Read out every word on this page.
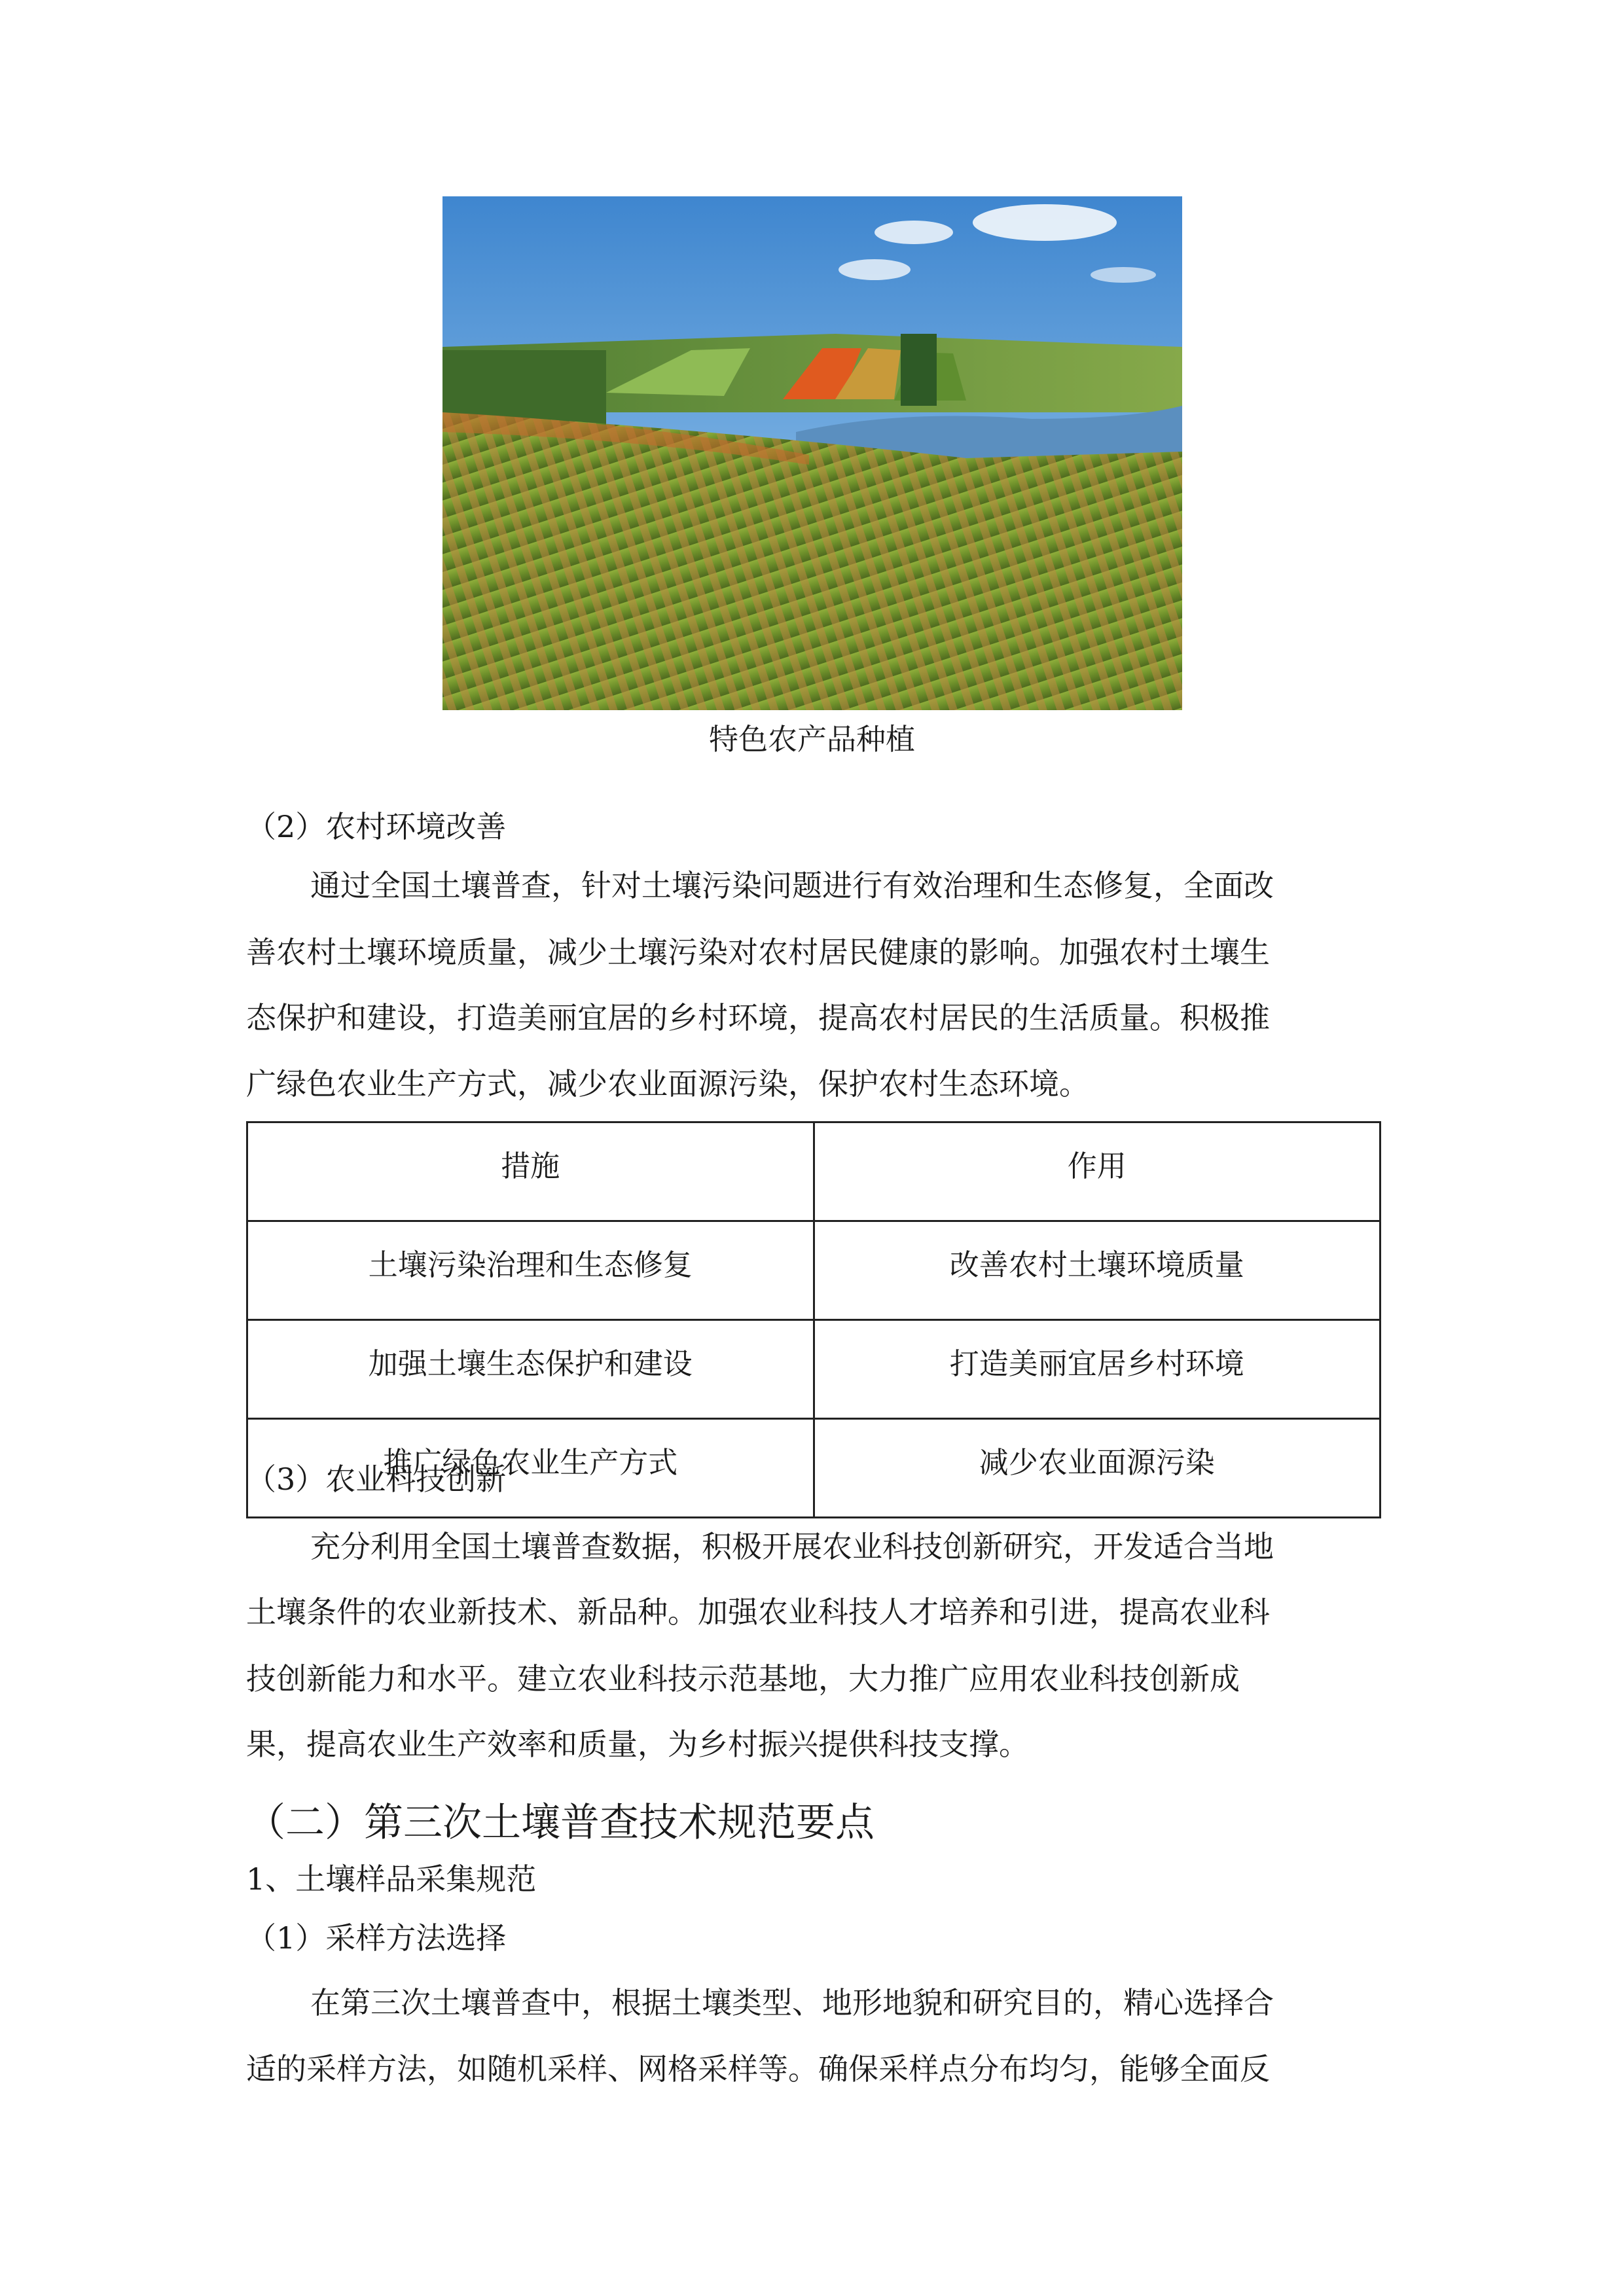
特色农产品种植
（2）农村环境改善
通过全国土壤普查，针对土壤污染问题进行有效治理和生态修复，全面改
善农村土壤环境质量，减少土壤污染对农村居民健康的影响。加强农村土壤生
态保护和建设，打造美丽宜居的乡村环境，提高农村居民的生活质量。积极推
广绿色农业生产方式，减少农业面源污染，保护农村生态环境。
措施	作用
土壤污染治理和生态修复	改善农村土壤环境质量
加强土壤生态保护和建设	打造美丽宜居乡村环境
推广绿色农业生产方式	减少农业面源污染
（3）农业科技创新
充分利用全国土壤普查数据，积极开展农业科技创新研究，开发适合当地
土壤条件的农业新技术、新品种。加强农业科技人才培养和引进，提高农业科
技创新能力和水平。建立农业科技示范基地，大力推广应用农业科技创新成
果，提高农业生产效率和质量，为乡村振兴提供科技支撑。
（二）第三次土壤普查技术规范要点
1、土壤样品采集规范
（1）采样方法选择
在第三次土壤普查中，根据土壤类型、地形地貌和研究目的，精心选择合
适的采样方法，如随机采样、网格采样等。确保采样点分布均匀，能够全面反
